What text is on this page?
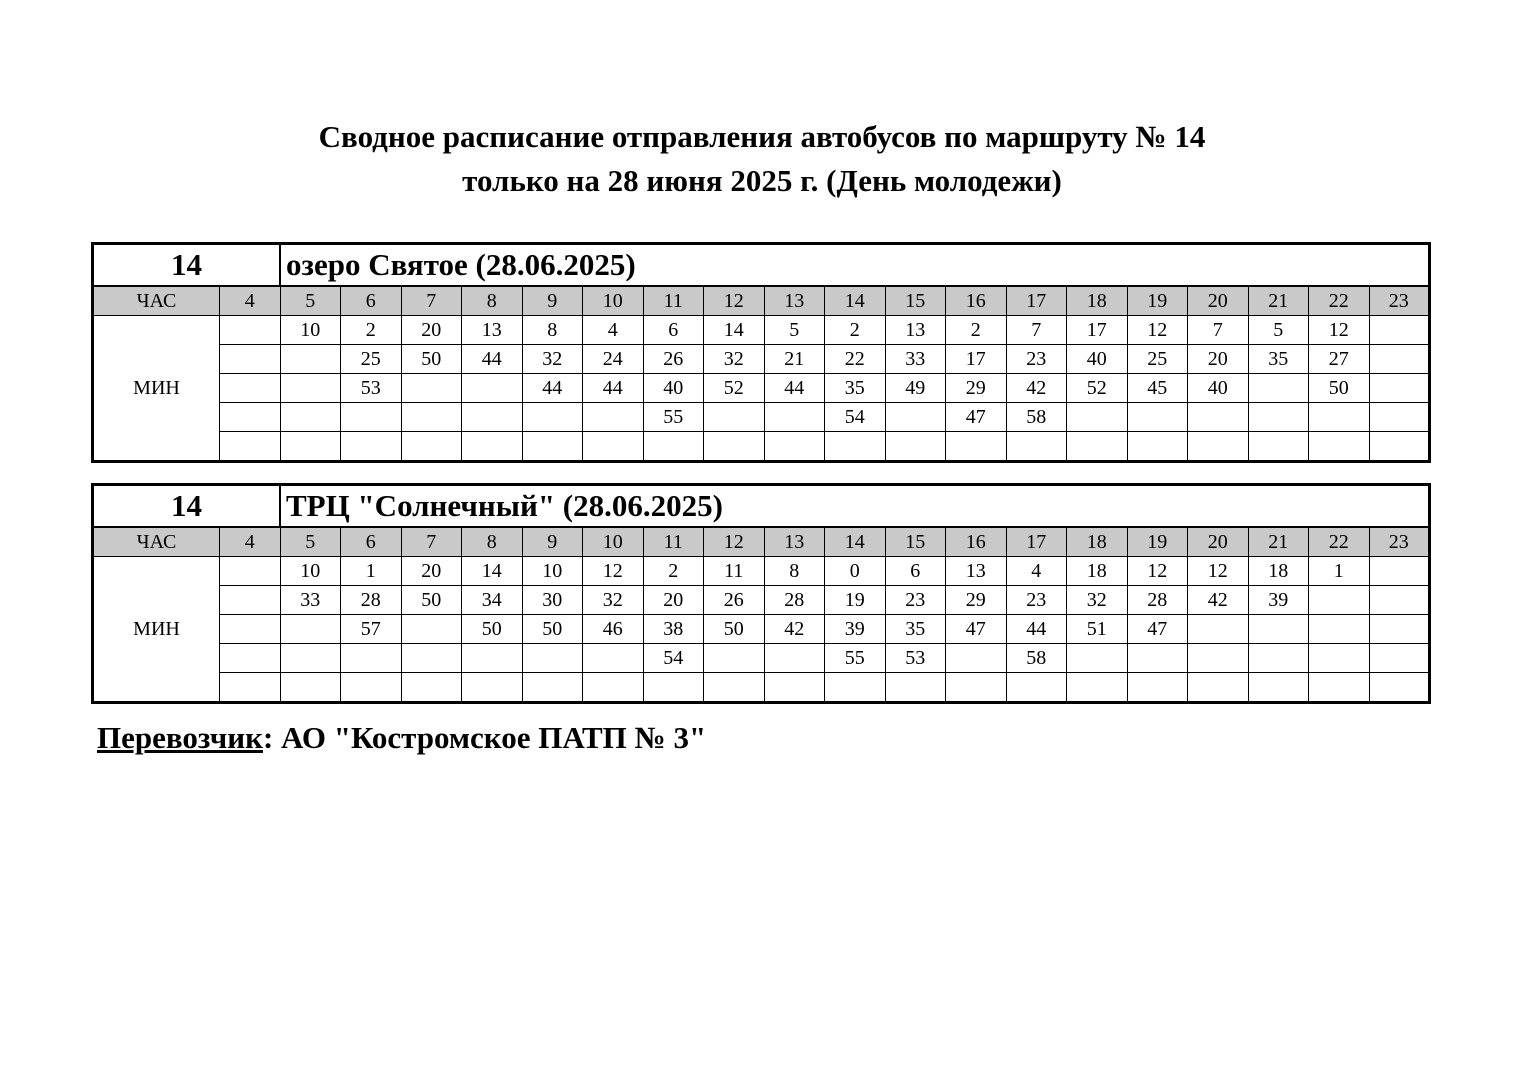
Сводное расписание отправления автобусов по маршруту № 14
только на 28 июня 2025 г. (День молодежи)
14		озеро Святое (28.06.2025)																		
ЧАС	4	5	6	7	8	9	10	11	12	13	14	15	16	17	18	19	20	21	22	23
МИН		10	2	20	13	8	4	6	14	5	2	13	2	7	17	12	7	5	12	
			25	50	44	32	24	26	32	21	22	33	17	23	40	25	20	35	27	
			53			44	44	40	52	44	35	49	29	42	52	45	40		50	
								55			54		47	58						

14		ТРЦ "Солнечный" (28.06.2025)																		
ЧАС	4	5	6	7	8	9	10	11	12	13	14	15	16	17	18	19	20	21	22	23
МИН		10	1	20	14	10	12	2	11	8	0	6	13	4	18	12	12	18	1	
		33	28	50	34	30	32	20	26	28	19	23	29	23	32	28	42	39		
			57		50	50	46	38	50	42	39	35	47	44	51	47				
								54			55	53		58						

Перевозчик: АО "Костромское ПАТП № 3"
